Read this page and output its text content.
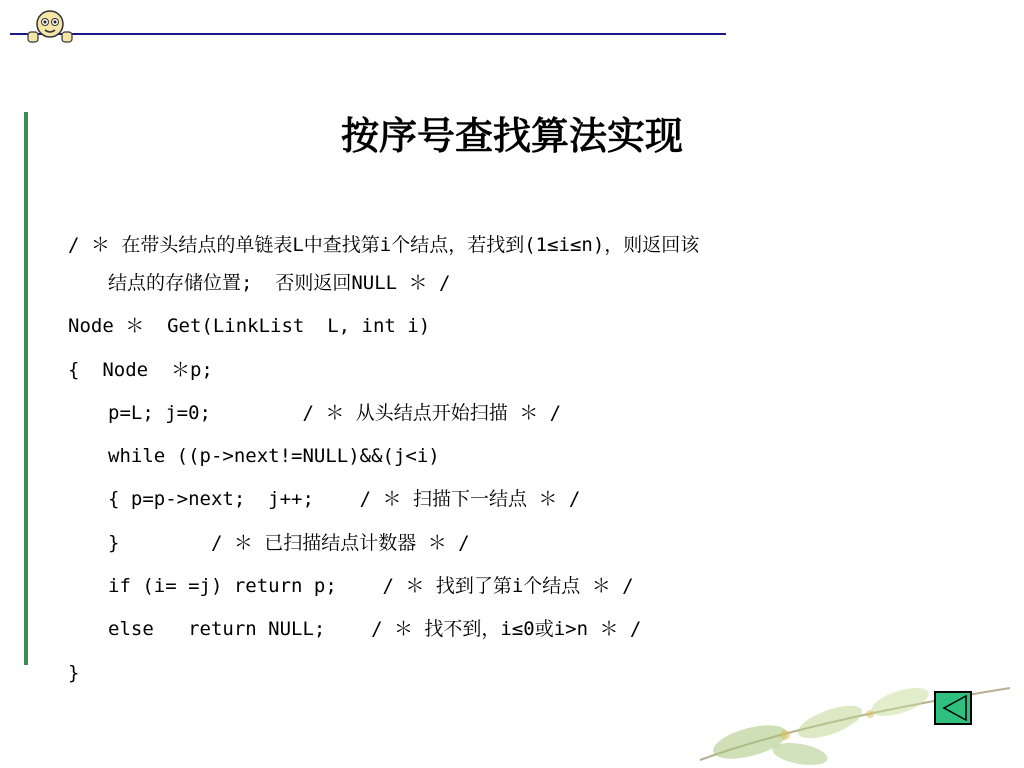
按序号查找算法实现
/ ＊ 在带头结点的单链表L中查找第i个结点，若找到(1≤i≤n)，则返回该
结点的存储位置;  否则返回NULL ＊ /
Node ＊  Get(LinkList  L, int i)
{  Node  ＊p;
p=L; j=0;        / ＊ 从头结点开始扫描 ＊ /
while ((p->next!=NULL)&&(j<i)
{ p=p->next;  j++;    / ＊ 扫描下一结点 ＊ /
}        / ＊ 已扫描结点计数器 ＊ /
if (i= =j) return p;    / ＊ 找到了第i个结点 ＊ /
else   return NULL;    / ＊ 找不到，i≤0或i>n ＊ /
}
